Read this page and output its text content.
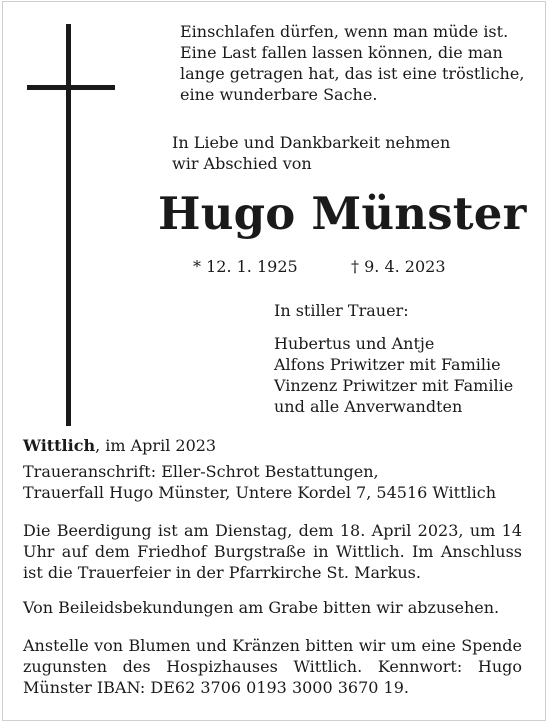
Einschlafen dürfen, wenn man müde ist.
Eine Last fallen lassen können, die man
lange getragen hat, das ist eine tröstliche,
eine wunderbare Sache.
In Liebe und Dankbarkeit nehmen
wir Abschied von
Hugo Münster
* 12. 1. 1925	† 9. 4. 2023
In stiller Trauer:
Hubertus und Antje
Alfons Priwitzer mit Familie
Vinzenz Priwitzer mit Familie
und alle Anverwandten
Wittlich, im April 2023
Traueranschrift: Eller-Schrot Bestattungen,
Trauerfall Hugo Münster, Untere Kordel 7, 54516 Wittlich
Die Beerdigung ist am Dienstag, dem 18. April 2023, um 14 Uhr auf dem Friedhof Burgstraße in Wittlich. Im Anschluss ist die Trauerfeier in der Pfarrkirche St. Markus.
Von Beileidsbekundungen am Grabe bitten wir abzusehen.
Anstelle von Blumen und Kränzen bitten wir um eine Spende zugunsten des Hospizhauses Wittlich. Kennwort: Hugo Münster IBAN: DE62 3706 0193 3000 3670 19.
